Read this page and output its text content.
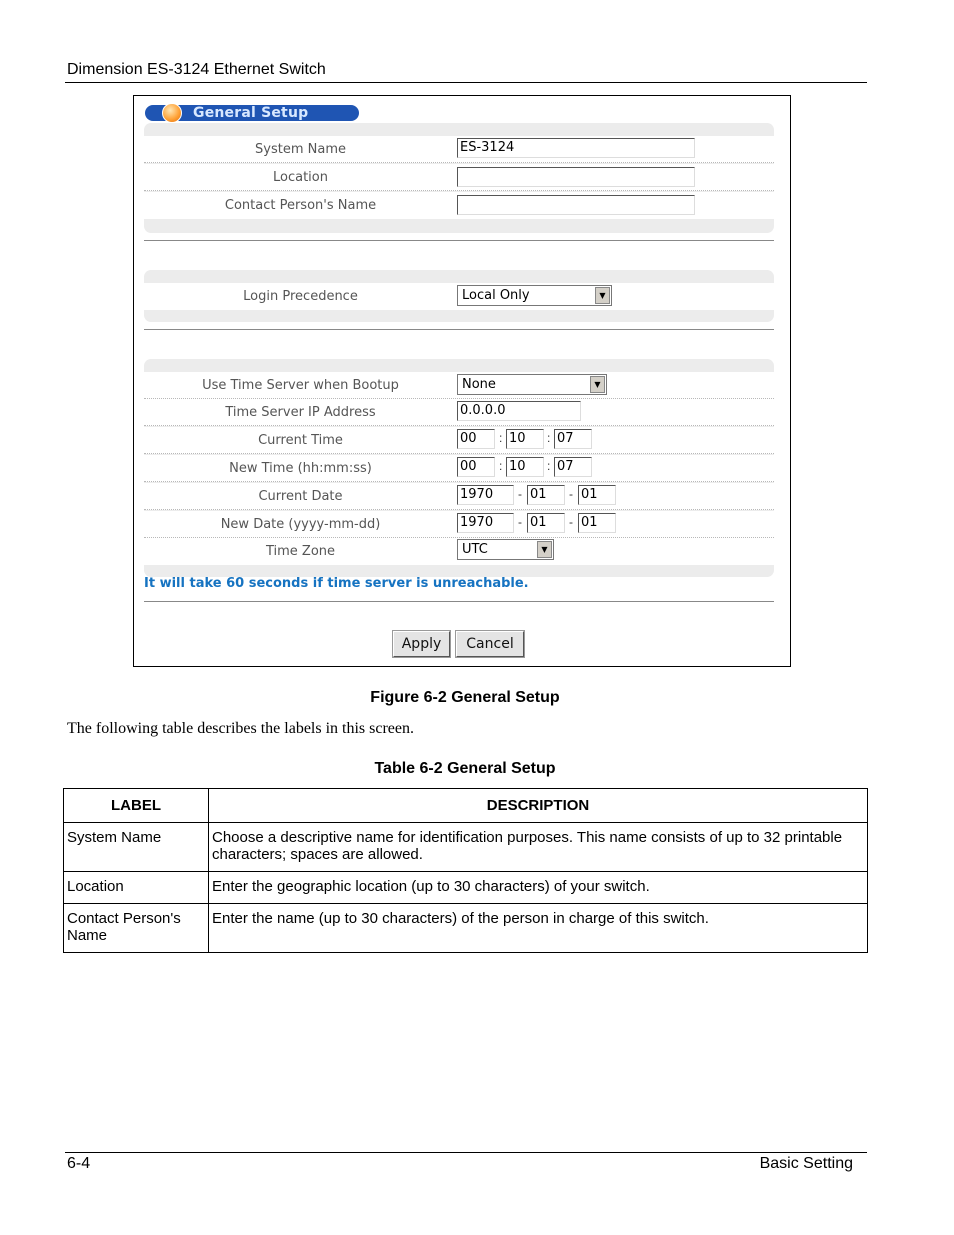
Dimension ES-3124 Ethernet Switch
General Setup
System Name	ES-3124
Location
Contact Person's Name
Login Precedence	Local Only	▼
Use Time Server when Bootup	None	▼
Time Server IP Address	0.0.0.0
Current Time	00	: 10	: 07
New Time (hh:mm:ss)	00	: 10	: 07
Current Date	1970	- 01	- 01
New Date (yyyy-mm-dd)	1970	- 01	- 01
Time Zone	UTC	▼
It will take 60 seconds if time server is unreachable.
Apply	Cancel
Figure 6-2 General Setup
The following table describes the labels in this screen.
Table 6-2 General Setup
LABEL	DESCRIPTION
System Name	Choose a descriptive name for identification purposes. This name consists of up to 32 printable characters; spaces are allowed.
Location	Enter the geographic location (up to 30 characters) of your switch.
Contact Person's Name	Enter the name (up to 30 characters) of the person in charge of this switch.
6-4	Basic Setting
